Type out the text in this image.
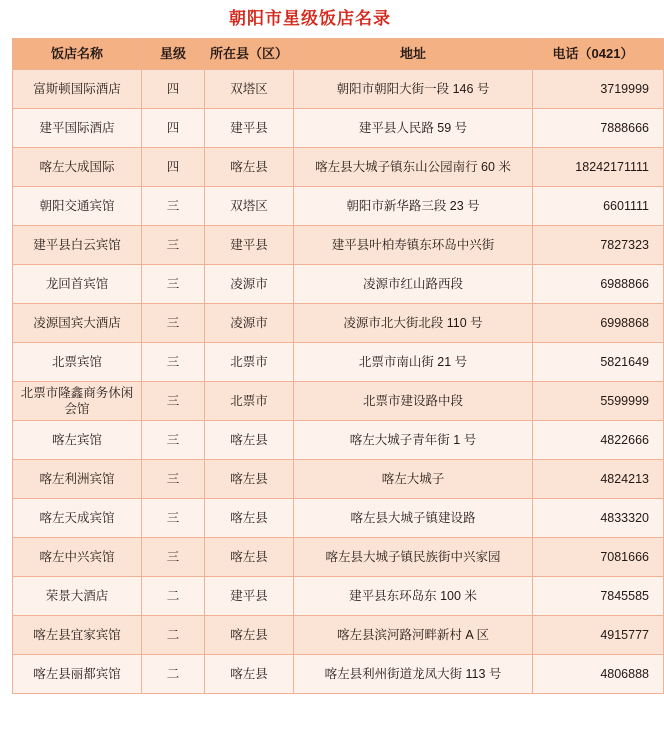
朝阳市星级饭店名录
饭店名称	星级	所在县（区）	地址	电话（0421）
富斯顿国际酒店	四	双塔区	朝阳市朝阳大街一段 146 号	3719999
建平国际酒店	四	建平县	建平县人民路 59 号	7888666
喀左大成国际	四	喀左县	喀左县大城子镇东山公园南行 60 米	18242171111
朝阳交通宾馆	三	双塔区	朝阳市新华路三段 23 号	6601111
建平县白云宾馆	三	建平县	建平县叶柏寿镇东环岛中兴街	7827323
龙回首宾馆	三	凌源市	凌源市红山路西段	6988866
凌源国宾大酒店	三	凌源市	凌源市北大街北段 110 号	6998868
北票宾馆	三	北票市	北票市南山街 21 号	5821649
北票市隆鑫商务休闲会馆	三	北票市	北票市建设路中段	5599999
喀左宾馆	三	喀左县	喀左大城子青年街 1 号	4822666
喀左利洲宾馆	三	喀左县	喀左大城子	4824213
喀左天成宾馆	三	喀左县	喀左县大城子镇建设路	4833320
喀左中兴宾馆	三	喀左县	喀左县大城子镇民族街中兴家园	7081666
荣景大酒店	二	建平县	建平县东环岛东 100 米	7845585
喀左县宜家宾馆	二	喀左县	喀左县滨河路河畔新村 A 区	4915777
喀左县丽都宾馆	二	喀左县	喀左县利州街道龙凤大街 113 号	4806888
